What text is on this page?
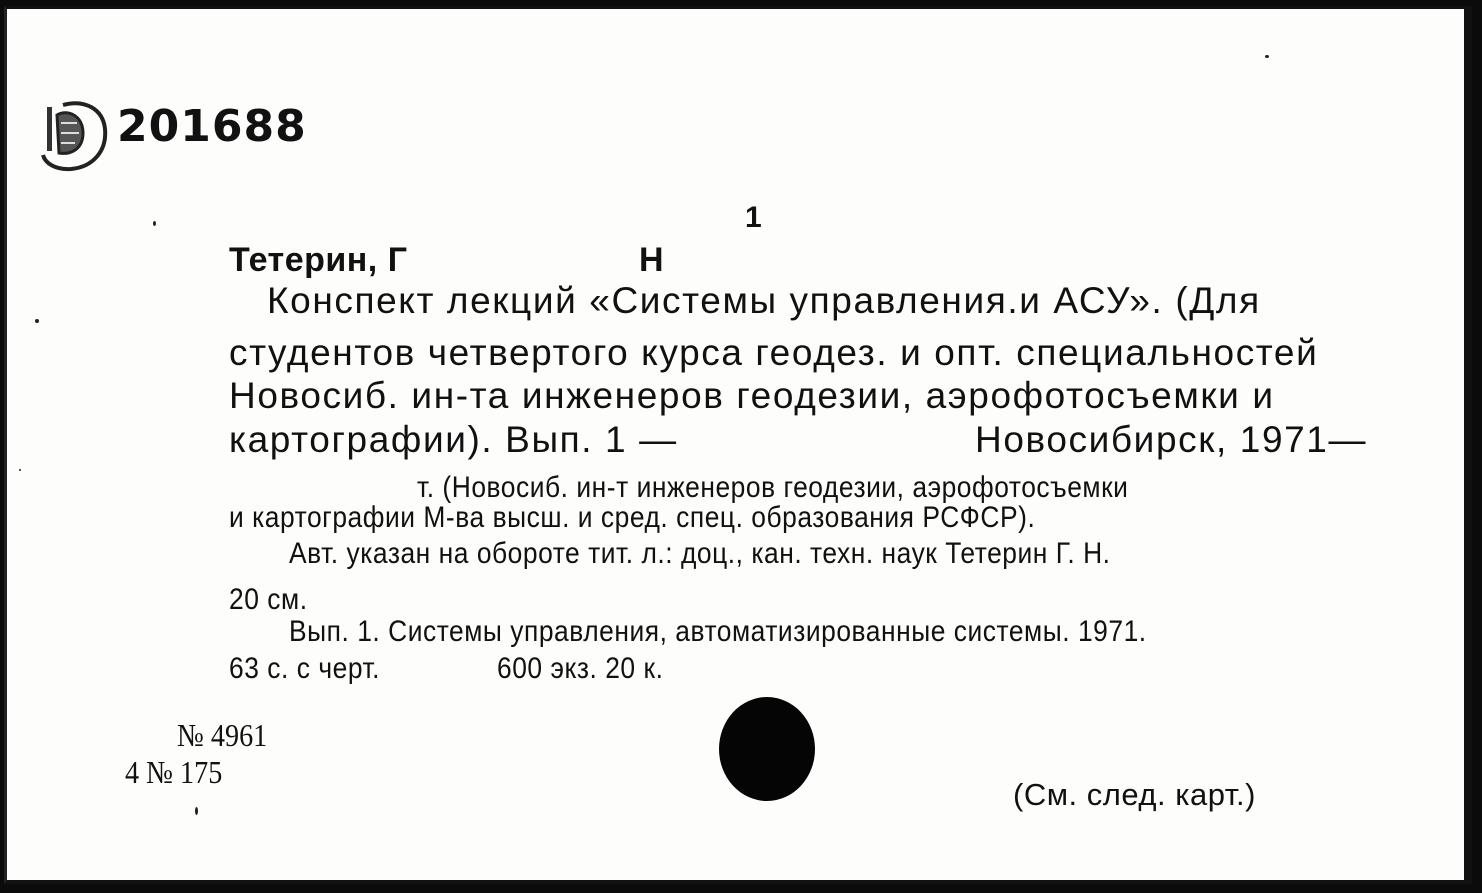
201688
1
Тетерин, Г	Н
Конспект лекций «Системы управления.и АСУ». (Для
студентов четвертого курса геодез. и опт. специальностей
Новосиб. ин-та инженеров геодезии, аэрофотосъемки и
картографии). Вып. 1 —	Новосибирск, 1971—
т. (Новосиб. ин-т инженеров геодезии, аэрофотосъемки
и картографии М-ва высш. и сред. спец. образования РСФСР).
Авт. указан на обороте тит. л.: доц., кан. техн. наук Тетерин Г. Н.
20 см.
Вып. 1. Системы управления, автоматизированные системы. 1971.
63 с. с черт.	600 экз. 20 к.
№ 4961
4 № 175
(См. след. карт.)
